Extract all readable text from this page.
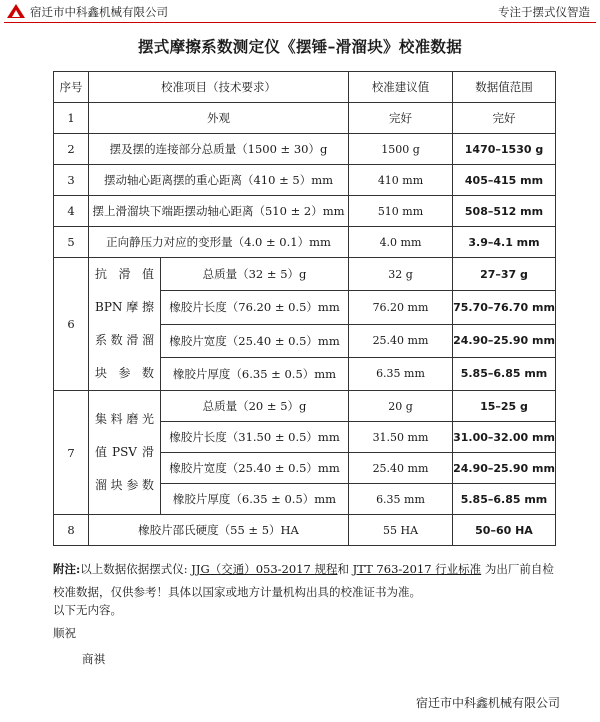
宿迁市中科鑫机械有限公司	专注于摆式仪智造
摆式摩擦系数测定仪《摆锤–滑溜块》校准数据
序号	校准项目（技术要求）		校准建议值	数据值范围
1	外观		完好	完好
2	摆及摆的连接部分总质量（1500 ± 30）g		1500 g	1470–1530 g
3	摆动轴心距离摆的重心距离（410 ± 5）mm		410 mm	405–415 mm
4	摆上滑溜块下端距摆动轴心距离（510 ± 2）mm		510 mm	508–512 mm
5	正向静压力对应的变形量（4.0 ± 0.1）mm		4.0 mm	3.9–4.1 mm
6	抗滑值BPN摩擦系数滑溜块参数	总质量（32 ± 5）g	32 g	27–37 g
		橡胶片长度（76.20 ± 0.5）mm	76.20 mm	75.70–76.70 mm
		橡胶片宽度（25.40 ± 0.5）mm	25.40 mm	24.90–25.90 mm
		橡胶片厚度（6.35 ± 0.5）mm	6.35 mm	5.85–6.85 mm
7	集料磨光值PSV滑溜块参数	总质量（20 ± 5）g	20 g	15–25 g
		橡胶片长度（31.50 ± 0.5）mm	31.50 mm	31.00–32.00 mm
		橡胶片宽度（25.40 ± 0.5）mm	25.40 mm	24.90–25.90 mm
		橡胶片厚度（6.35 ± 0.5）mm	6.35 mm	5.85–6.85 mm
8	橡胶片邵氏硬度（55 ± 5）HA		55 HA	50–60 HA
附注:以上数据依据摆式仪: JJG（交通）053-2017 规程和 JTT 763-2017 行业标准 为出厂前自检校准数据，仅供参考！具体以国家或地方计量机构出具的校准证书为准。
以下无内容。
顺祝
商祺
宿迁市中科鑫机械有限公司
